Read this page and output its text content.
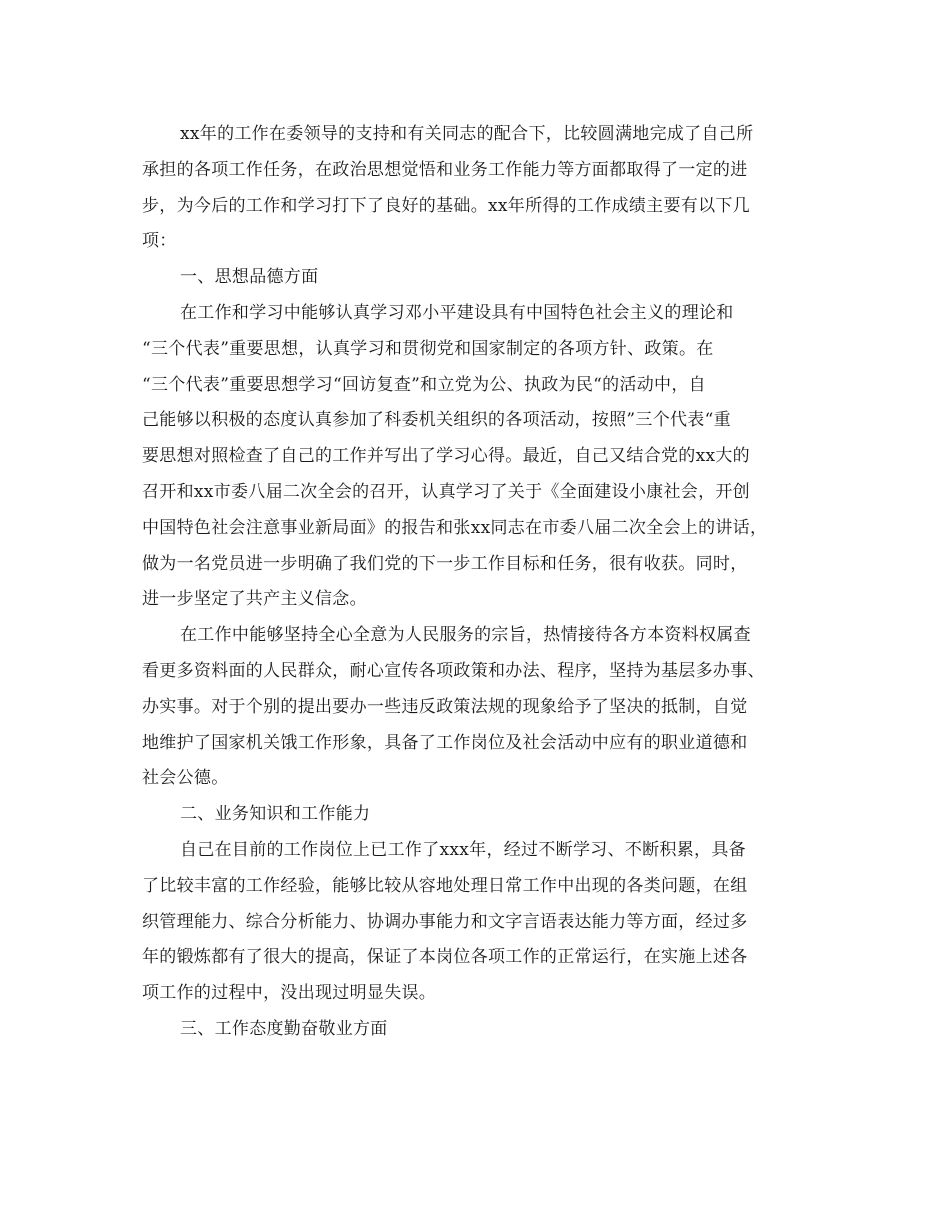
xx年的工作在委领导的支持和有关同志的配合下，比较圆满地完成了自己所
承担的各项工作任务，在政治思想觉悟和业务工作能力等方面都取得了一定的进
步，为今后的工作和学习打下了良好的基础。xx年所得的工作成绩主要有以下几
项：
一、思想品德方面
在工作和学习中能够认真学习邓小平建设具有中国特色社会主义的理论和
“三个代表”重要思想，认真学习和贯彻党和国家制定的各项方针、政策。在
“三个代表”重要思想学习“回访复查”和立党为公、执政为民“的活动中，自
己能够以积极的态度认真参加了科委机关组织的各项活动，按照”三个代表“重
要思想对照检查了自己的工作并写出了学习心得。最近，自己又结合党的xx大的
召开和xx市委八届二次全会的召开，认真学习了关于《全面建设小康社会，开创
中国特色社会注意事业新局面》的报告和张xx同志在市委八届二次全会上的讲话，
做为一名党员进一步明确了我们党的下一步工作目标和任务，很有收获。同时，
进一步坚定了共产主义信念。
在工作中能够坚持全心全意为人民服务的宗旨，热情接待各方本资料权属查
看更多资料面的人民群众，耐心宣传各项政策和办法、程序，坚持为基层多办事、
办实事。对于个别的提出要办一些违反政策法规的现象给予了坚决的抵制，自觉
地维护了国家机关饿工作形象，具备了工作岗位及社会活动中应有的职业道德和
社会公德。
二、业务知识和工作能力
自己在目前的工作岗位上已工作了xxx年，经过不断学习、不断积累，具备
了比较丰富的工作经验，能够比较从容地处理日常工作中出现的各类问题，在组
织管理能力、综合分析能力、协调办事能力和文字言语表达能力等方面，经过多
年的锻炼都有了很大的提高，保证了本岗位各项工作的正常运行，在实施上述各
项工作的过程中，没出现过明显失误。
三、工作态度勤奋敬业方面
